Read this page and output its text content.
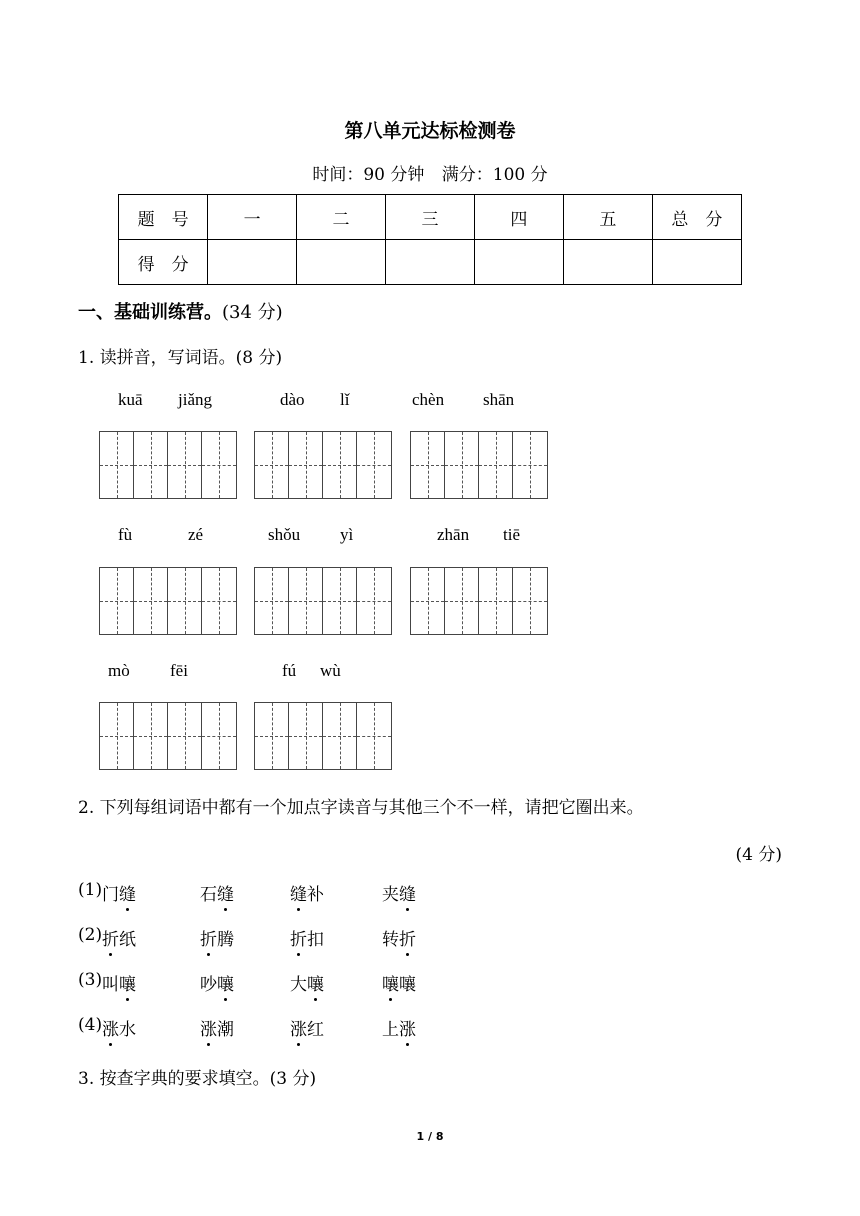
第八单元达标检测卷
时间：90 分钟 满分：100 分
题　号	一	二	三	四	五	总　分
得　分						
一、基础训练营。(34 分)
1. 读拼音，写词语。(8 分)
kuā jiǎng	dào lǐ	chèn shān
fù	zé	shǒu yì	zhān tiē
mò fēi	fú wù
2. 下列每组词语中都有一个加点字读音与其他三个不一样，请把它圈出来。
(4 分)
(1) 门缝	石缝	缝补	夹缝
(2) 折纸	折腾	折扣	转折
(3) 叫嚷	吵嚷	大嚷	嚷嚷
(4) 涨水	涨潮	涨红	上涨
3. 按查字典的要求填空。(3 分)
1 / 8
